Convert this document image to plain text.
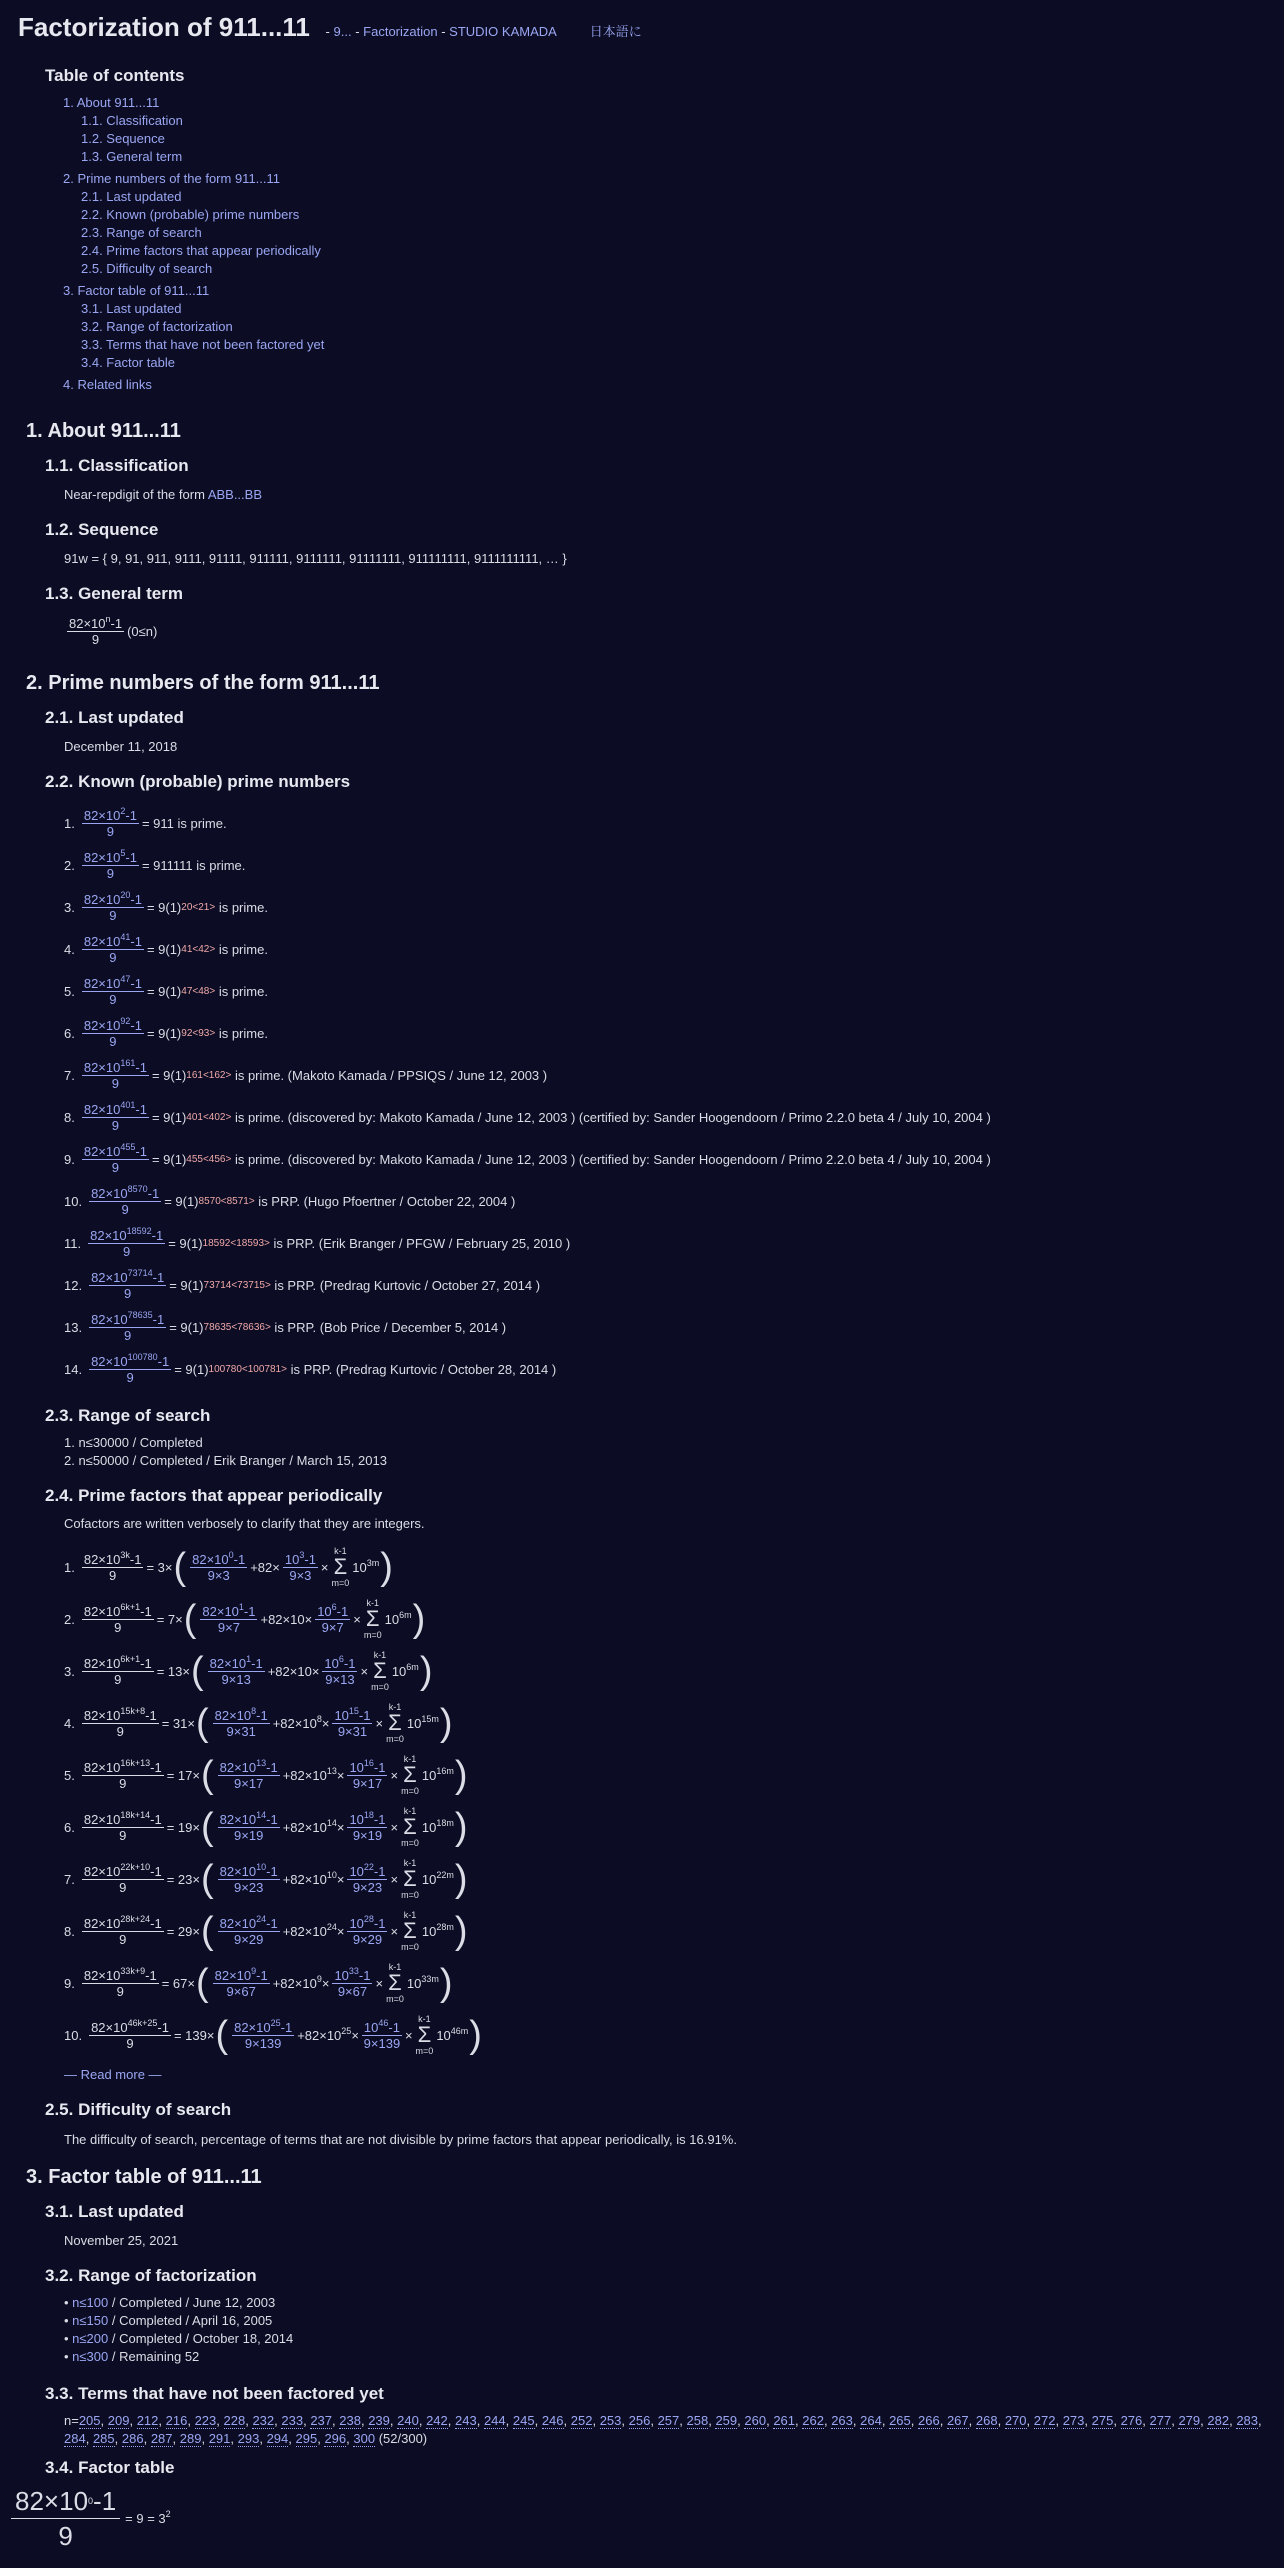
Factorization of 911...11 - 9... - Factorization - STUDIO KAMADA	日本語に
Table of contents
1. About 911...11
1.1. Classification
1.2. Sequence
1.3. General term
2. Prime numbers of the form 911...11
2.1. Last updated
2.2. Known (probable) prime numbers
2.3. Range of search
2.4. Prime factors that appear periodically
2.5. Difficulty of search
3. Factor table of 911...11
3.1. Last updated
3.2. Range of factorization
3.3. Terms that have not been factored yet
3.4. Factor table
4. Related links
1. About 911...11
1.1. Classification
Near-repdigit of the form ABB...BB
1.2. Sequence
91w = { 9, 91, 911, 9111, 91111, 911111, 9111111, 91111111, 911111111, 9111111111, … }
1.3. General term
$\frac{82\times 10^n-1}{9} (0\le n)$
2. Prime numbers of the form 911...11
2.1. Last updated
December 11, 2018
2.2. Known (probable) prime numbers
1. $\frac{82\times 10^2-1}{9} = 911$ is prime.
2. $\frac{82\times 10^5-1}{9} = 911111$ is prime.
3. $\frac{82\times 10^{20}-1}{9} = 9(1)$ 20<21> is prime.
4. $\frac{82\times 10^{41}-1}{9} = 9(1)$ 41<42> is prime.
5. $\frac{82\times 10^{47}-1}{9} = 9(1)$ 47<48> is prime.
6. $\frac{82\times 10^{92}-1}{9} = 9(1)$ 92<93> is prime.
7. $\frac{82\times 10^{161}-1}{9} = 9(1)$ 161<162> is prime. (Makoto Kamada / PPSIQS / June 12, 2003 )
8. $\frac{82\times 10^{401}-1}{9} = 9(1)$ 401<402> is prime. (discovered by: Makoto Kamada / June 12, 2003 ) (certified by: Sander Hoogendoorn / Primo 2.2.0 beta 4 / July 10, 2004 )
9. $\frac{82\times 10^{455}-1}{9} = 9(1)$ 455<456> is prime. (discovered by: Makoto Kamada / June 12, 2003 ) (certified by: Sander Hoogendoorn / Primo 2.2.0 beta 4 / July 10, 2004 )
10. $\frac{82\times 10^{8570}-1}{9} = 9(1)$ 8570<8571> is PRP. (Hugo Pfoertner / October 22, 2004 )
11. $\frac{82\times 10^{18592}-1}{9} = 9(1)$ 18592<18593> is PRP. (Erik Branger / PFGW / February 25, 2010 )
12. $\frac{82\times 10^{73714}-1}{9} = 9(1)$ 73714<73715> is PRP. (Predrag Kurtovic / October 27, 2014 )
13. $\frac{82\times 10^{78635}-1}{9} = 9(1)$ 78635<78636> is PRP. (Bob Price / December 5, 2014 )
14. $\frac{82\times 10^{100780}-1}{9} = 9(1)$ 100780<100781> is PRP. (Predrag Kurtovic / October 28, 2014 )
2.3. Range of search
1. n≤30000 / Completed
2. n≤50000 / Completed / Erik Branger / March 15, 2013
2.4. Prime factors that appear periodically
Cofactors are written verbosely to clarify that they are integers.
1. $\frac{82\times 10^{3k}-1}{9} = 3\times$ ( $\frac{82\times 10^0-1}{9\times 3} +82\times \frac{10^3-1}{9\times 3}$ ×
k-1
Σ
m=0
$10^{3m}$ )
2. $\frac{82\times 10^{6k+1}-1}{9} = 7\times$ ( $\frac{82\times 10^1-1}{9\times 7} +82\times 10\times \frac{10^6-1}{9\times 7}$ ×
k-1
Σ
m=0
$10^{6m}$ )
3. $\frac{82\times 10^{6k+1}-1}{9} = 13\times$ ( $\frac{82\times 10^1-1}{9\times 13} +82\times 10\times \frac{10^6-1}{9\times 13}$ ×
k-1
Σ
m=0
$10^{6m}$ )
4. $\frac{82\times 10^{15k+8}-1}{9} = 31\times$ ( $\frac{82\times 10^8-1}{9\times 31} +82\times 10^8\times \frac{10^{15}-1}{9\times 31}$ ×
k-1
Σ
m=0
$10^{15m}$ )
5. $\frac{82\times 10^{16k+13}-1}{9} = 17\times$ ( $\frac{82\times 10^{13}-1}{9\times 17} +82\times 10^{13}\times \frac{10^{16}-1}{9\times 17}$ ×
k-1
Σ
m=0
$10^{16m}$ )
6. $\frac{82\times 10^{18k+14}-1}{9} = 19\times$ ( $\frac{82\times 10^{14}-1}{9\times 19} +82\times 10^{14}\times \frac{10^{18}-1}{9\times 19}$ ×
k-1
Σ
m=0
$10^{18m}$ )
7. $\frac{82\times 10^{22k+10}-1}{9} = 23\times$ ( $\frac{82\times 10^{10}-1}{9\times 23} +82\times 10^{10}\times \frac{10^{22}-1}{9\times 23}$ ×
k-1
Σ
m=0
$10^{22m}$ )
8. $\frac{82\times 10^{28k+24}-1}{9} = 29\times$ ( $\frac{82\times 10^{24}-1}{9\times 29} +82\times 10^{24}\times \frac{10^{28}-1}{9\times 29}$ ×
k-1
Σ
m=0
$10^{28m}$ )
9. $\frac{82\times 10^{33k+9}-1}{9} = 67\times$ ( $\frac{82\times 10^9-1}{9\times 67} +82\times 10^9\times \frac{10^{33}-1}{9\times 67}$ ×
k-1
Σ
m=0
$10^{33m}$ )
10. $\frac{82\times 10^{46k+25}-1}{9} = 139\times$ ( $\frac{82\times 10^{25}-1}{9\times 139} +82\times 10^{25}\times \frac{10^{46}-1}{9\times 139}$ ×
k-1
Σ
m=0
$10^{46m}$ )
— Read more —
2.5. Difficulty of search
The difficulty of search, percentage of terms that are not divisible by prime factors that appear periodically, is 16.91%.
3. Factor table of 911...11
3.1. Last updated
November 25, 2021
3.2. Range of factorization
• n≤100 / Completed / June 12, 2003
• n≤150 / Completed / April 16, 2005
• n≤200 / Completed / October 18, 2014
• n≤300 / Remaining 52
3.3. Terms that have not been factored yet
n=205, 209, 212, 216, 223, 228, 232, 233, 237, 238, 239, 240, 242, 243, 244, 245, 246, 252, 253, 256, 257, 258, 259, 260, 261, 262, 263, 264, 265, 266, 267, 268, 270, 272, 273, 275, 276, 277, 279, 282, 283, 284, 285, 286, 287, 289, 291, 293, 294, 295, 296, 300 (52/300)
3.4. Factor table
$\frac{82\times 10^0-1}{9} = 9 = 3^2$
